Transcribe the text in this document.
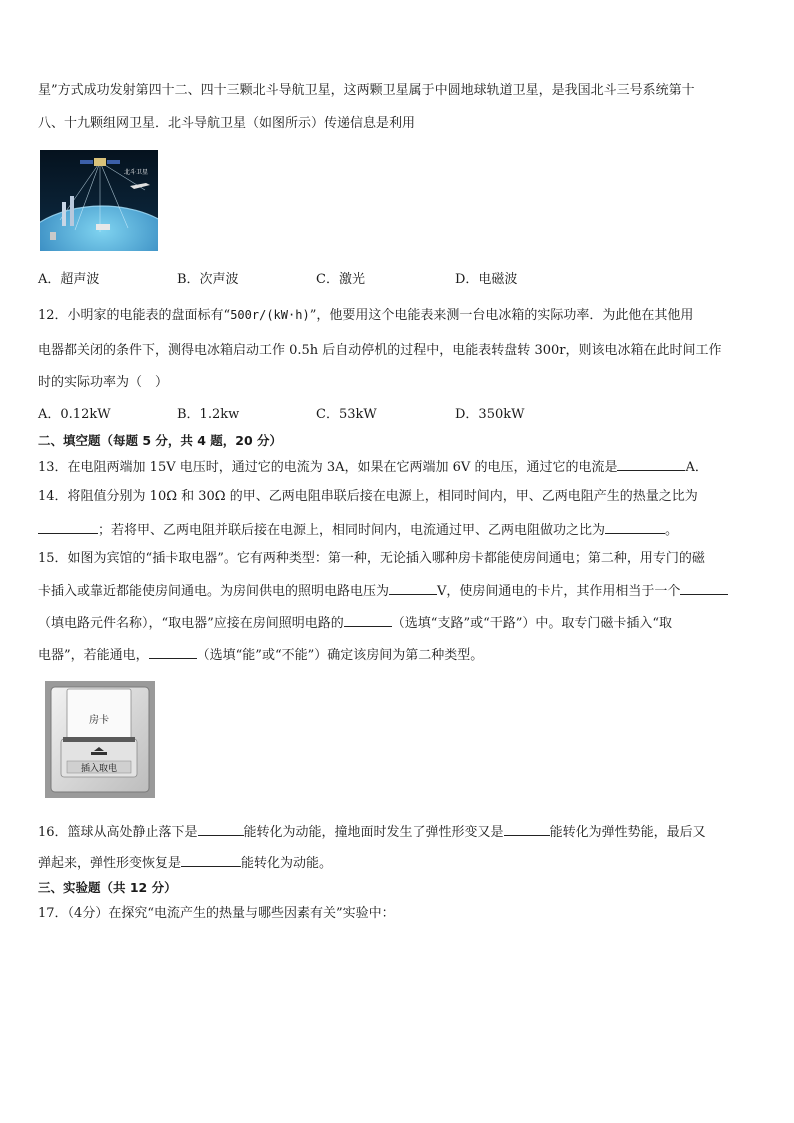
星”方式成功发射第四十二、四十三颗北斗导航卫星，这两颗卫星属于中圆地球轨道卫星，是我国北斗三号系统第十
八、十九颗组网卫星．北斗导航卫星（如图所示）传递信息是利用
北斗卫星
A．超声波	B．次声波	C．激光	D．电磁波
12．小明家的电能表的盘面标有“500r/(kW·h)”，他要用这个电能表来测一台电冰箱的实际功率．为此他在其他用
电器都关闭的条件下，测得电冰箱启动工作 0.5h 后自动停机的过程中，电能表转盘转 300r，则该电冰箱在此时间工作
时的实际功率为（　）
A．0.12kW	B．1.2kw	C．53kW	D．350kW
二、填空题（每题 5 分，共 4 题，20 分）
13．在电阻两端加 15V 电压时，通过它的电流为 3A，如果在它两端加 6V 的电压，通过它的电流是	A．
14．将阻值分别为 10Ω 和 30Ω 的甲、乙两电阻串联后接在电源上，相同时间内，甲、乙两电阻产生的热量之比为
；若将甲、乙两电阻并联后接在电源上，相同时间内，电流通过甲、乙两电阻做功之比为	。
15．如图为宾馆的“插卡取电器”。它有两种类型：第一种，无论插入哪种房卡都能使房间通电；第二种，用专门的磁
卡插入或靠近都能使房间通电。为房间供电的照明电路电压为	V，使房间通电的卡片，其作用相当于一个
（填电路元件名称），“取电器”应接在房间照明电路的	（选填“支路”或“干路”）中。取专门磁卡插入“取
电器”，若能通电，	（选填“能”或“不能”）确定该房间为第二种类型。
房卡
插入取电
16．篮球从高处静止落下是	能转化为动能，撞地面时发生了弹性形变又是	能转化为弹性势能，最后又
弹起来，弹性形变恢复是	能转化为动能。
三、实验题（共 12 分）
17．（4分）在探究“电流产生的热量与哪些因素有关”实验中：
